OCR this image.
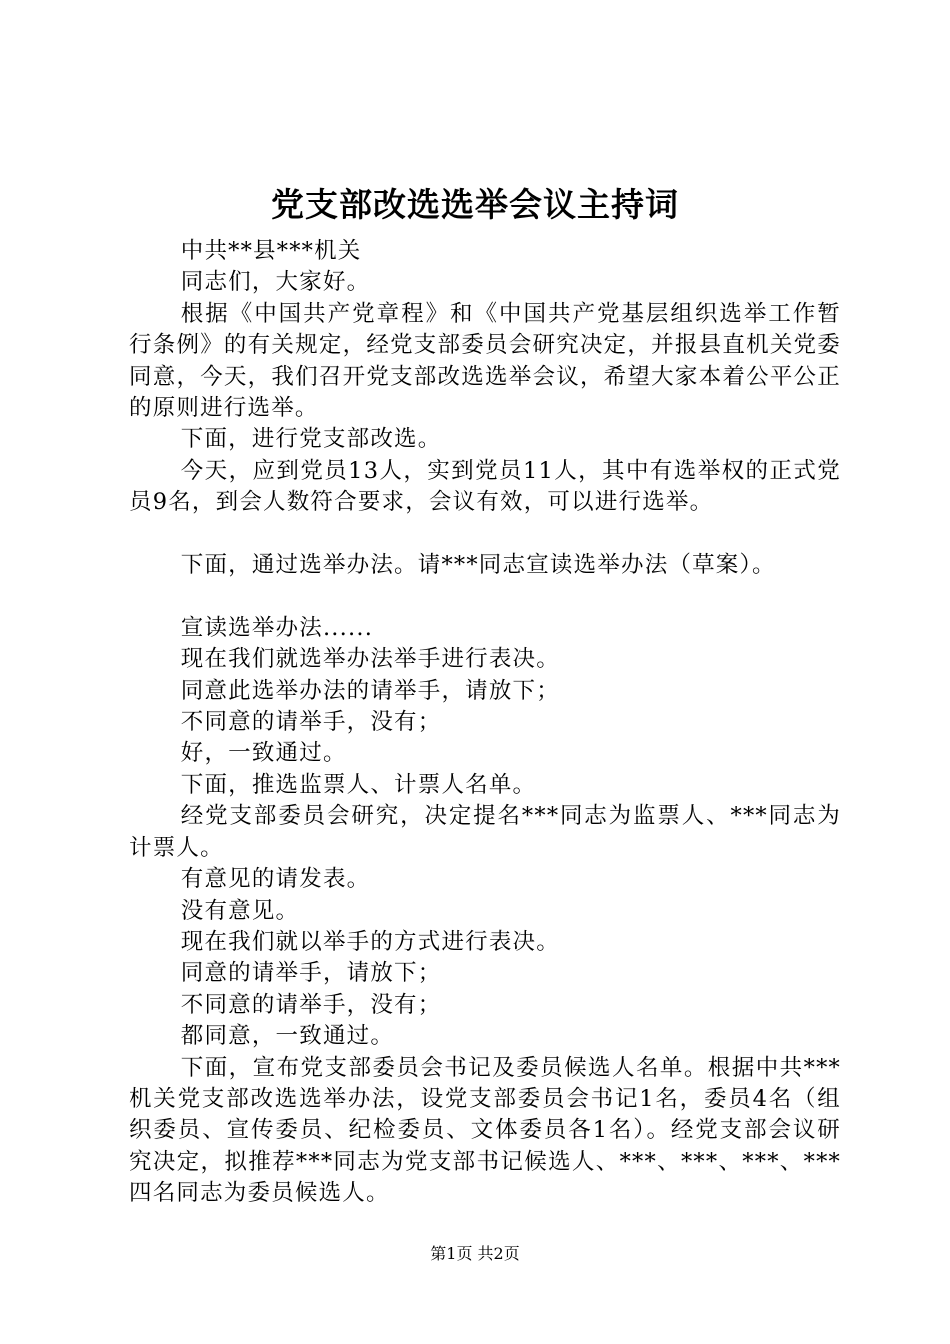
党支部改选选举会议主持词

中共**县***机关

同志们，大家好。

根据《中国共产党章程》和《中国共产党基层组织选举工作暂行条例》的有关规定，经党支部委员会研究决定，并报县直机关党委同意，今天，我们召开党支部改选选举会议，希望大家本着公平公正的原则进行选举。

下面，进行党支部改选。

今天，应到党员13人，实到党员11人，其中有选举权的正式党员9名，到会人数符合要求，会议有效，可以进行选举。

下面，通过选举办法。请***同志宣读选举办法（草案）。

宣读选举办法......

现在我们就选举办法举手进行表决。

同意此选举办法的请举手，请放下；

不同意的请举手，没有；

好，一致通过。

下面，推选监票人、计票人名单。

经党支部委员会研究，决定提名***同志为监票人、***同志为计票人。

有意见的请发表。

没有意见。

现在我们就以举手的方式进行表决。

同意的请举手，请放下；

不同意的请举手，没有；

都同意，一致通过。

下面，宣布党支部委员会书记及委员候选人名单。根据中共***机关党支部改选选举办法，设党支部委员会书记1名，委员4名（组织委员、宣传委员、纪检委员、文体委员各1名）。经党支部会议研究决定，拟推荐***同志为党支部书记候选人、***、***、***、***四名同志为委员候选人。

第1页 共2页
